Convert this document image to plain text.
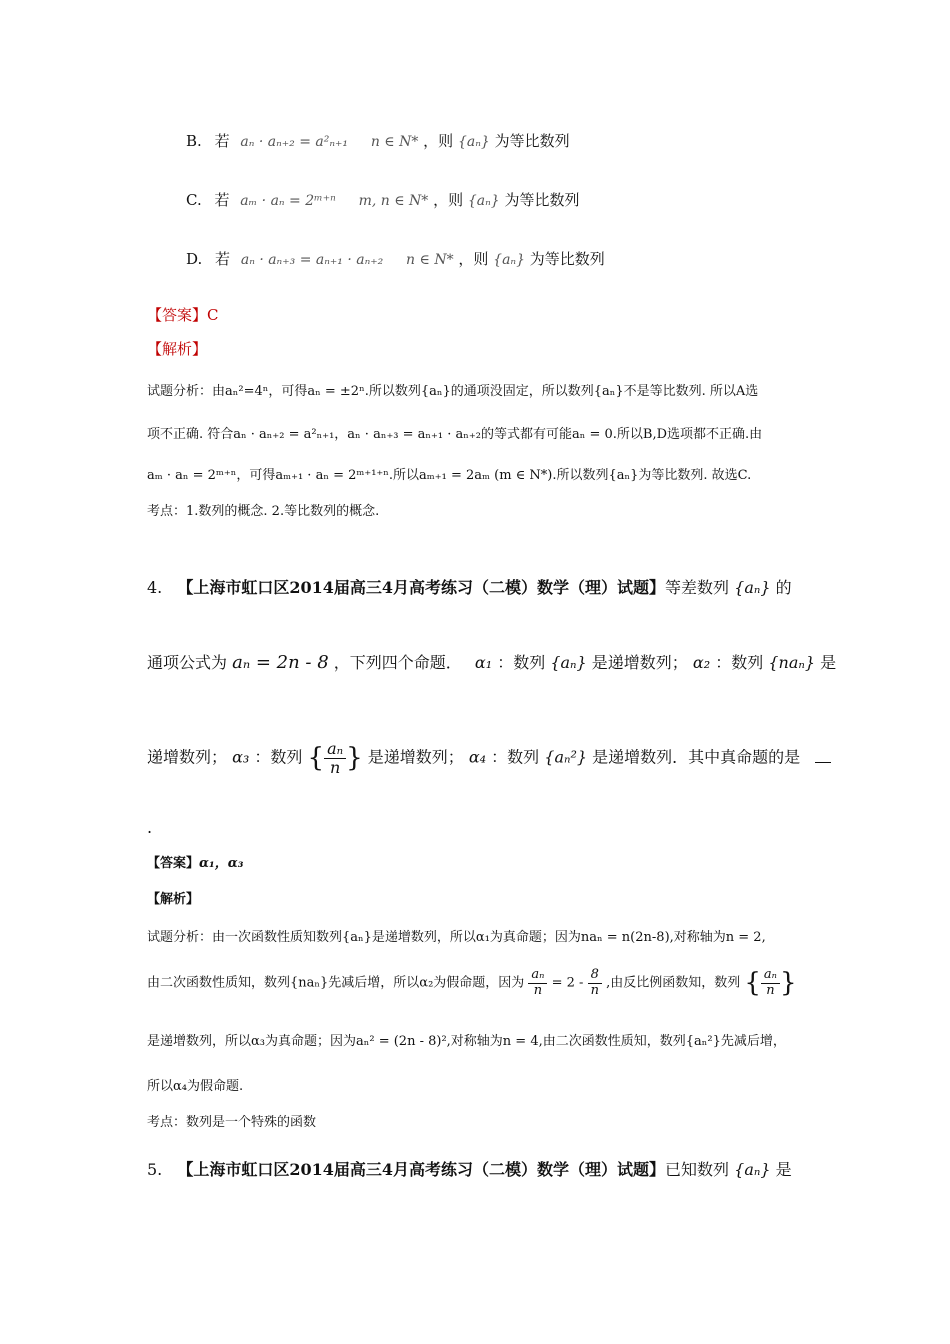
B. 若 aₙ · aₙ₊₂ = a²ₙ₊₁ n ∈ N* ，则 {aₙ} 为等比数列
C. 若 aₘ · aₙ = 2ᵐ⁺ⁿ m, n ∈ N* ，则 {aₙ} 为等比数列
D. 若 aₙ · aₙ₊₃ = aₙ₊₁ · aₙ₊₂ n ∈ N* ，则 {aₙ} 为等比数列
【答案】C
【解析】
试题分析：由aₙ²=4ⁿ，可得aₙ = ±2ⁿ.所以数列{aₙ}的通项没固定，所以数列{aₙ}不是等比数列. 所以A选
项不正确. 符合aₙ · aₙ₊₂ = a²ₙ₊₁，aₙ · aₙ₊₃ = aₙ₊₁ · aₙ₊₂的等式都有可能aₙ = 0.所以B,D选项都不正确.由
aₘ · aₙ = 2ᵐ⁺ⁿ，可得aₘ₊₁ · aₙ = 2ᵐ⁺¹⁺ⁿ.所以aₘ₊₁ = 2aₘ (m ∈ N*).所以数列{aₙ}为等比数列. 故选C.
考点：1.数列的概念. 2.等比数列的概念.
4. 【上海市虹口区2014届高三4月高考练习（二模）数学（理）试题】等差数列 {aₙ} 的
通项公式为 aₙ = 2n - 8 ，下列四个命题． α₁ ：数列 {aₙ} 是递增数列； α₂ ：数列 {naₙ} 是
递增数列； α₃ ：数列 { $\frac{\text{aₙ}}{n}$ } 是递增数列； α₄ ：数列 {aₙ²} 是递增数列．其中真命题的是
.
【答案】α₁，α₃
【解析】
试题分析：由一次函数性质知数列{aₙ}是递增数列，所以α₁为真命题；因为naₙ = n(2n-8),对称轴为n = 2,
由二次函数性质知，数列{naₙ}先减后增，所以α₂为假命题，因为 $\frac{\text{aₙ}}{n} = 2 - \frac{8}{n}$ ,由反比例函数知，数列 { $\frac{\text{aₙ}}{n}$ }
是递增数列，所以α₃为真命题；因为aₙ² = (2n - 8)²,对称轴为n = 4,由二次函数性质知，数列{aₙ²}先减后增，
所以α₄为假命题.
考点：数列是一个特殊的函数
5. 【上海市虹口区2014届高三4月高考练习（二模）数学（理）试题】已知数列 {aₙ} 是
